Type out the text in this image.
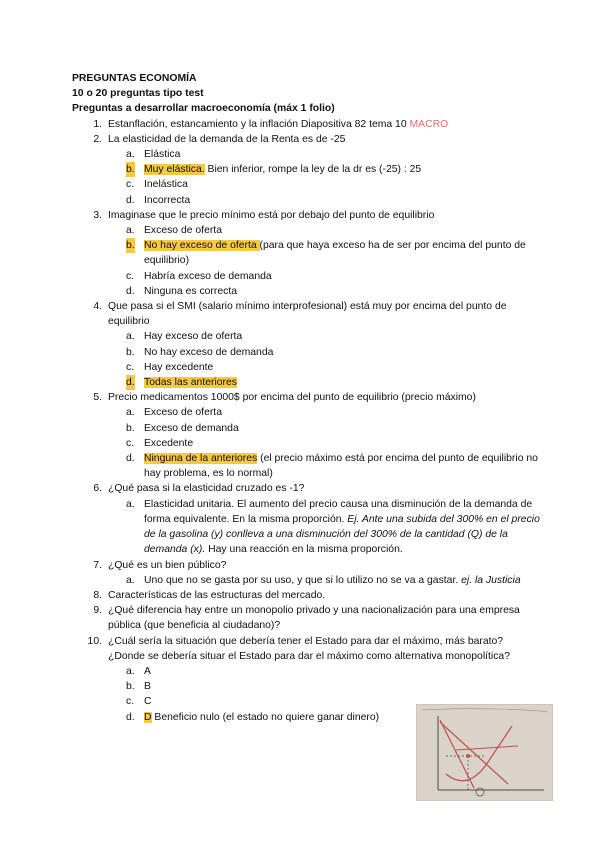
PREGUNTAS ECONOMÍA
10 o 20 preguntas tipo test
Preguntas a desarrollar macroeconomía (máx 1 folio)
1. Estanflación, estancamiento y la inflación Diapositiva 82 tema 10 MACRO
2. La elasticidad de la demanda de la Renta es de -25
a. Elástica
b. Muy elástica. Bien inferior, rompe la ley de la dr es (-25) : 25
c. Inelástica
d. Incorrecta
3. Imaginase que le precio mínimo está por debajo del punto de equilibrio
a. Exceso de oferta
b. No hay exceso de oferta (para que haya exceso ha de ser por encima del punto de equilibrio)
c. Habría exceso de demanda
d. Ninguna es correcta
4. Que pasa si el SMI (salario mínimo interprofesional) está muy por encima del punto de equilibrio
a. Hay exceso de oferta
b. No hay exceso de demanda
c. Hay excedente
d. Todas las anteriores
5. Precio medicamentos 1000$ por encima del punto de equilibrio (precio máximo)
a. Exceso de oferta
b. Exceso de demanda
c. Excedente
d. Ninguna de la anteriores (el precio máximo está por encima del punto de equilibrio no hay problema, es lo normal)
6. ¿Qué pasa si la elasticidad cruzado es -1?
a. Elasticidad unitaria. El aumento del precio causa una disminución de la demanda de forma equivalente. En la misma proporción. Ej. Ante una subida del 300% en el precio de la gasolina (y) conlleva a una disminución del 300% de la cantidad (Q) de la demanda (x). Hay una reacción en la misma proporción.
7. ¿Qué es un bien público?
a. Uno que no se gasta por su uso, y que si lo utilizo no se va a gastar. ej. la Justicia
8. Características de las estructuras del mercado.
9. ¿Qué diferencia hay entre un monopolio privado y una nacionalización para una empresa pública (que beneficia al ciudadano)?
10. ¿Cuál sería la situación que debería tener el Estado para dar el máximo, más barato?¿Donde se debería situar el Estado para dar el máximo como alternativa monopolítica?
a. A
b. B
c. C
d. D Beneficio nulo (el estado no quiere ganar dinero)
